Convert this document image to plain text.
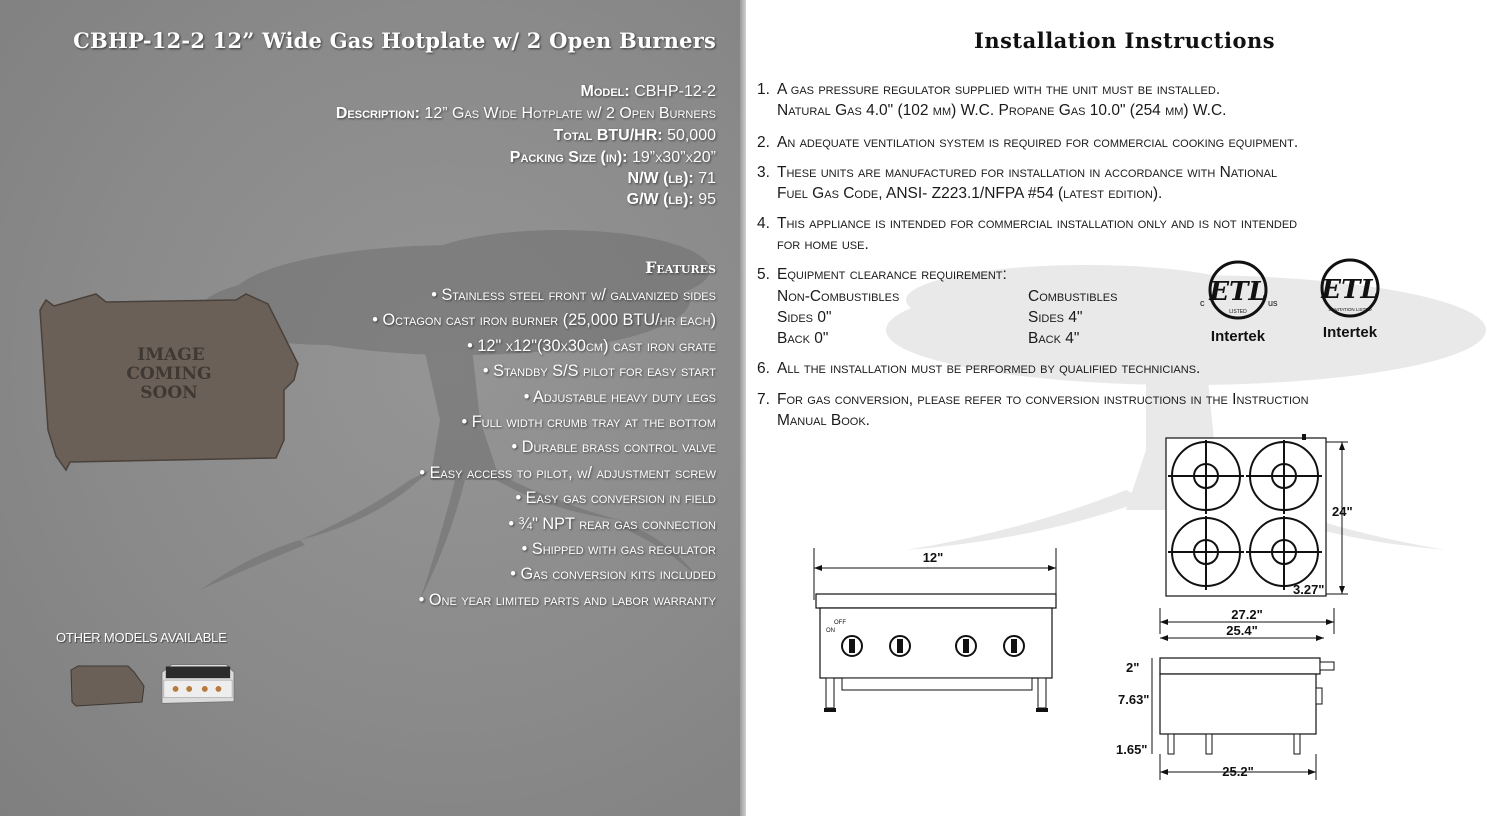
CBHP-12-2 12” Wide Gas Hotplate w/ 2 Open Burners
Model: CBHP-12-2
Description: 12” Gas Wide Hotplate w/ 2 Open Burners
Total BTU/HR: 50,000
Packing Size (in): 19”x30”x20”
N/W (lb): 71
G/W (lb): 95
Features
• Stainless steel front w/ galvanized sides
• Octagon cast iron burner (25,000 BTU/hr each)
• 12" x12"(30x30cm) cast iron grate
• Standby S/S pilot for easy start
• Adjustable heavy duty legs
• Full width crumb tray at the bottom
• Durable brass control valve
• Easy access to pilot, w/ adjustment screw
• Easy gas conversion in field
• ¾" NPT rear gas connection
• Shipped with gas regulator
• Gas conversion kits included
• One year limited parts and labor warranty
IMAGE
COMING
SOON
OTHER MODELS AVAILABLE
Installation Instructions
1. A gas pressure regulator supplied with the unit must be installed.
Natural Gas 4.0" (102 mm) W.C. Propane Gas 10.0" (254 mm) W.C.
2. An adequate ventilation system is required for commercial cooking equipment.
3. These units are manufactured for installation in accordance with National
Fuel Gas Code, ANSI- Z223.1/NFPA #54 (latest edition).
4. This appliance is intended for commercial installation only and is not intended
for home use.
5. Equipment clearance requirement:
Non-Combustibles
Sides 0"
Back 0"
Combustibles
Sides 4"
Back 4"
ETL
LISTED
c	us
Intertek
ETL
SANITATION LISTED
Intertek
6. All the installation must be performed by qualified technicians.
7. For gas conversion, please refer to conversion instructions in the Instruction
Manual Book.
12"
OFF
ON
24"
3.27"
27.2"
25.4"
2"
7.63"
1.65"
25.2"
